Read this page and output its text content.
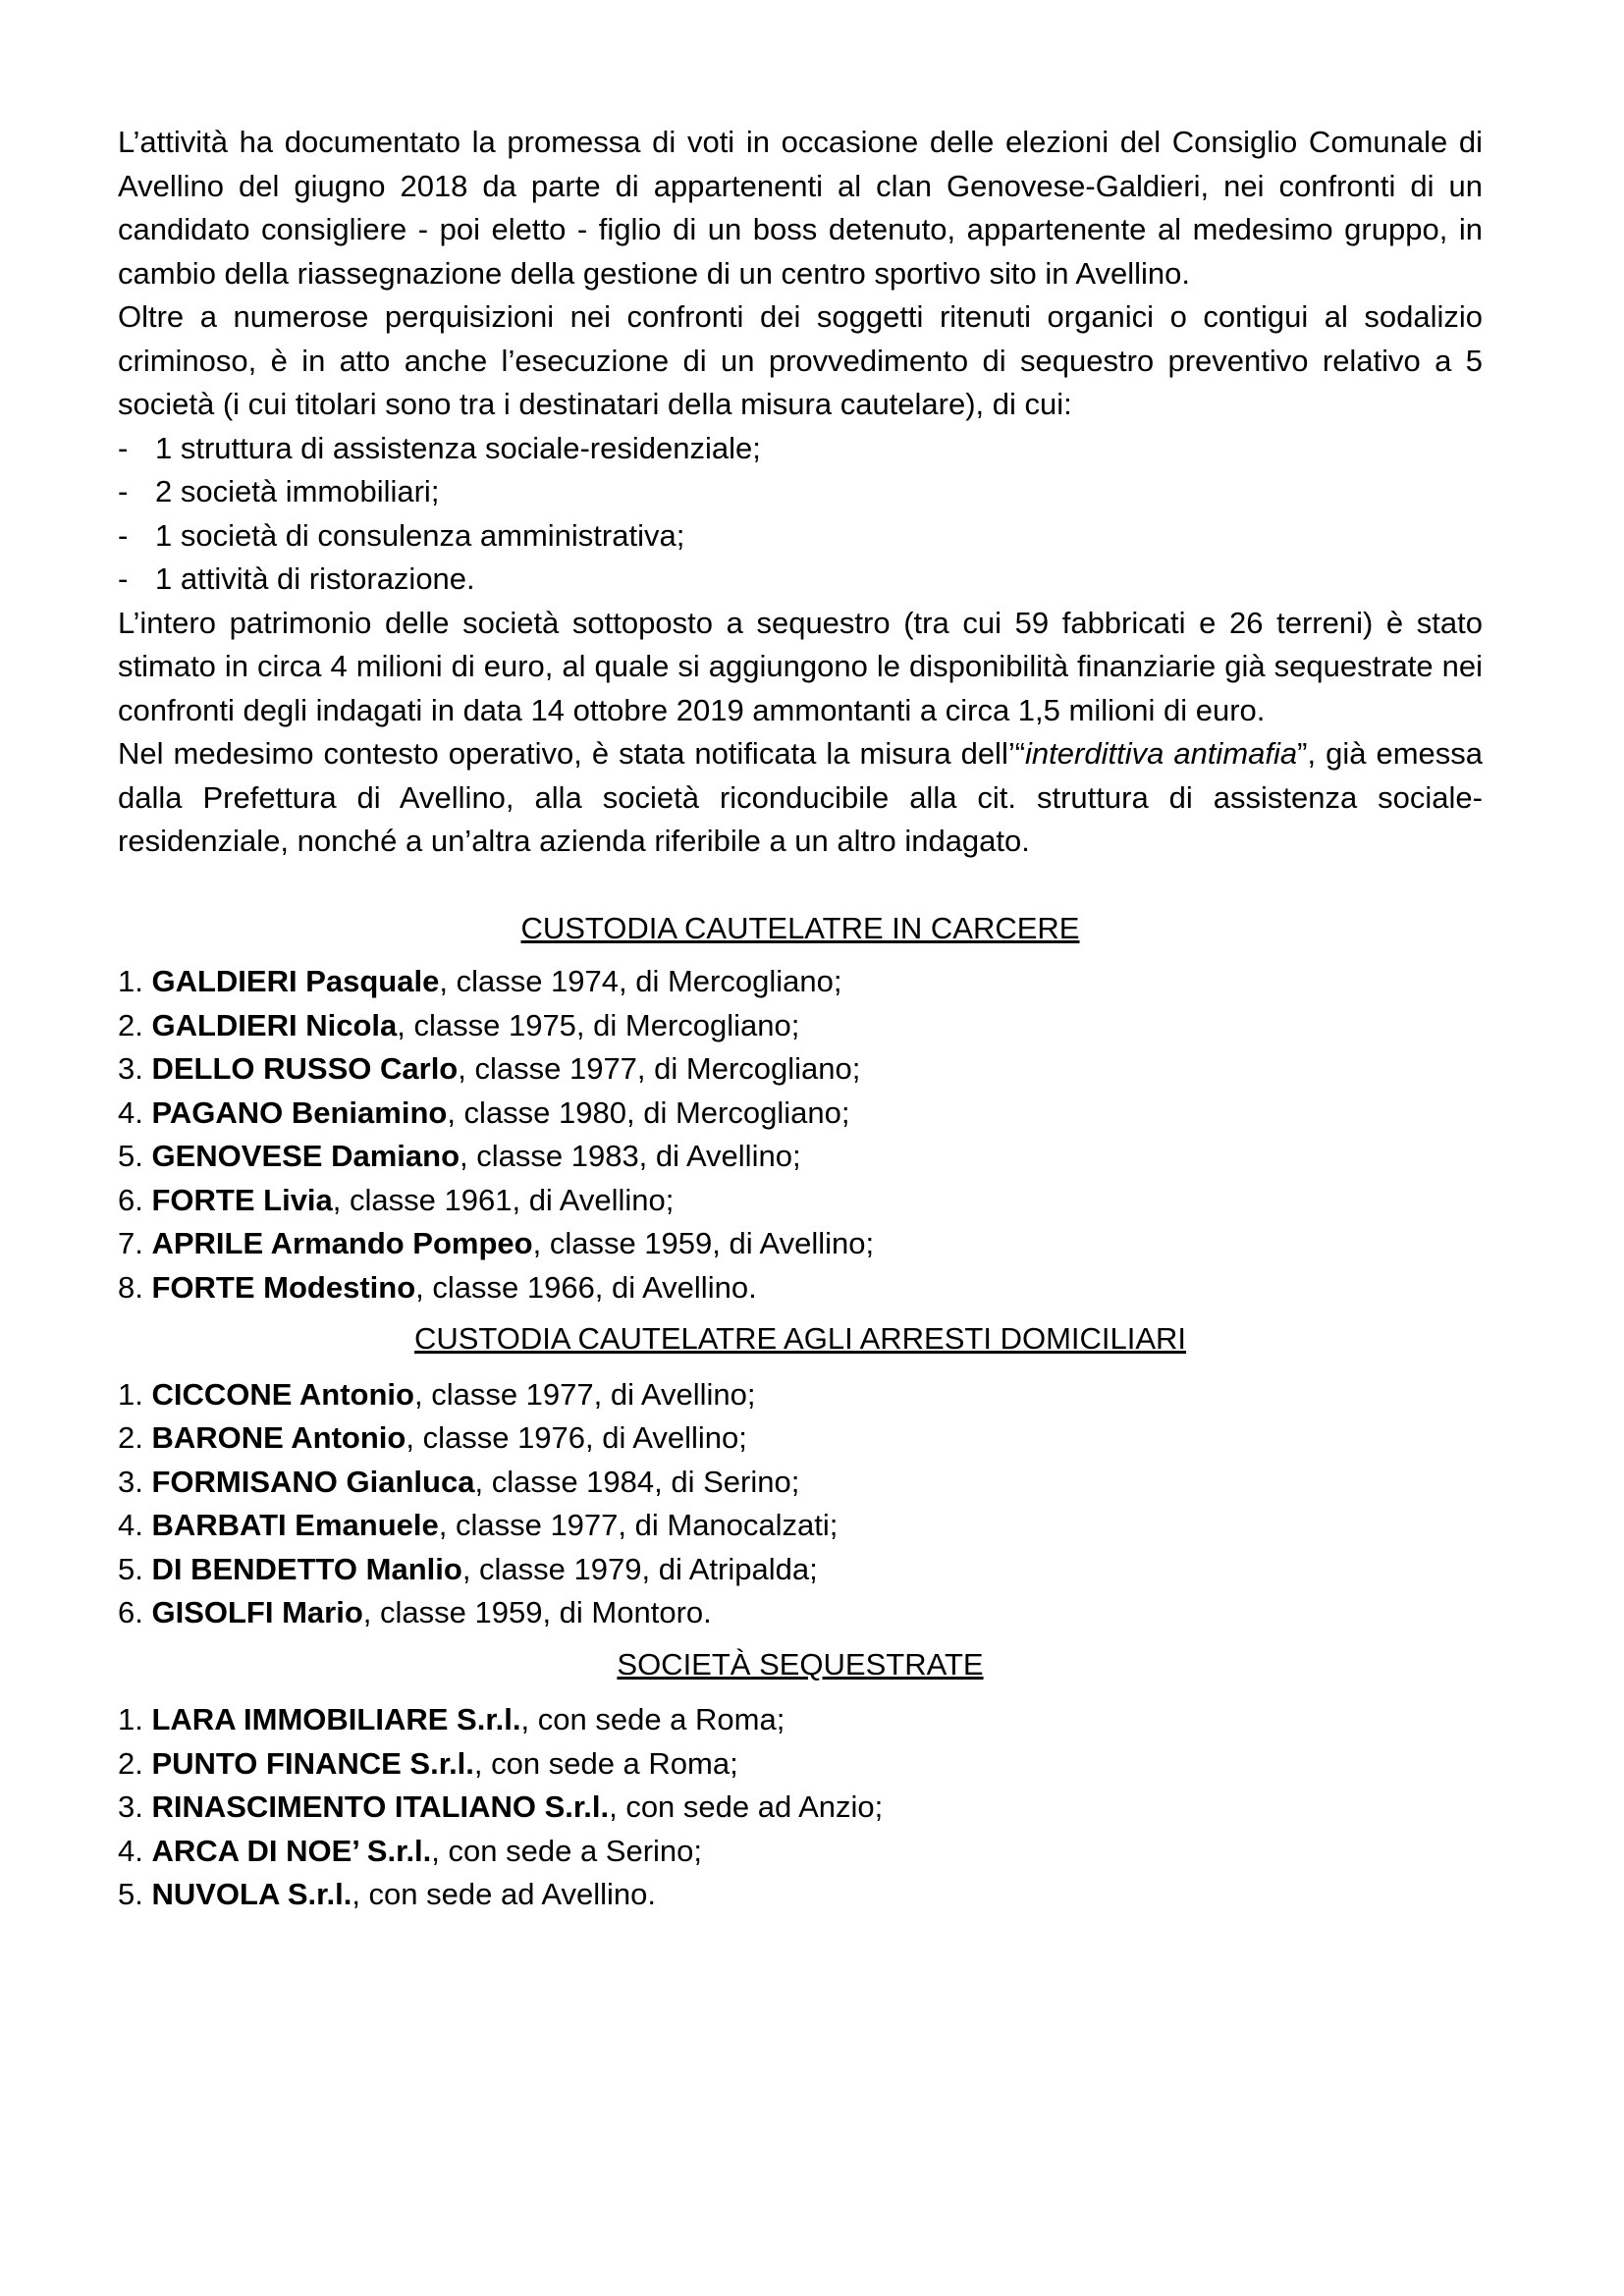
L’attività ha documentato la promessa di voti in occasione delle elezioni del Consiglio Comunale di Avellino del giugno 2018 da parte di appartenenti al clan Genovese-Galdieri, nei confronti di un candidato consigliere - poi eletto - figlio di un boss detenuto, appartenente al medesimo gruppo, in cambio della riassegnazione della gestione di un centro sportivo sito in Avellino.

Oltre a numerose perquisizioni nei confronti dei soggetti ritenuti organici o contigui al sodalizio criminoso, è in atto anche l’esecuzione di un provvedimento di sequestro preventivo relativo a 5 società (i cui titolari sono tra i destinatari della misura cautelare), di cui:

- 1 struttura di assistenza sociale-residenziale;
- 2 società immobiliari;
- 1 società di consulenza amministrativa;
- 1 attività di ristorazione.

L’intero patrimonio delle società sottoposto a sequestro (tra cui 59 fabbricati e 26 terreni) è stato stimato in circa 4 milioni di euro, al quale si aggiungono le disponibilità finanziarie già sequestrate nei confronti degli indagati in data 14 ottobre 2019 ammontanti a circa 1,5 milioni di euro.

Nel medesimo contesto operativo, è stata notificata la misura dell’“interdittiva antimafia”, già emessa dalla Prefettura di Avellino, alla società riconducibile alla cit. struttura di assistenza sociale-residenziale, nonché a un’altra azienda riferibile a un altro indagato.

CUSTODIA CAUTELATRE IN CARCERE

1. GALDIERI Pasquale, classe 1974, di Mercogliano;
2. GALDIERI Nicola, classe 1975, di Mercogliano;
3. DELLO RUSSO Carlo, classe 1977, di Mercogliano;
4. PAGANO Beniamino, classe 1980, di Mercogliano;
5. GENOVESE Damiano, classe 1983, di Avellino;
6. FORTE Livia, classe 1961, di Avellino;
7. APRILE Armando Pompeo, classe 1959, di Avellino;
8. FORTE Modestino, classe 1966, di Avellino.

CUSTODIA CAUTELATRE AGLI ARRESTI DOMICILIARI

1. CICCONE Antonio, classe 1977, di Avellino;
2. BARONE Antonio, classe 1976, di Avellino;
3. FORMISANO Gianluca, classe 1984, di Serino;
4. BARBATI Emanuele, classe 1977, di Manocalzati;
5. DI BENDETTO Manlio, classe 1979, di Atripalda;
6. GISOLFI Mario, classe 1959, di Montoro.

SOCIETÀ SEQUESTRATE

1. LARA IMMOBILIARE S.r.l., con sede a Roma;
2. PUNTO FINANCE S.r.l., con sede a Roma;
3. RINASCIMENTO ITALIANO S.r.l., con sede ad Anzio;
4. ARCA DI NOE’ S.r.l., con sede a Serino;
5. NUVOLA S.r.l., con sede ad Avellino.
